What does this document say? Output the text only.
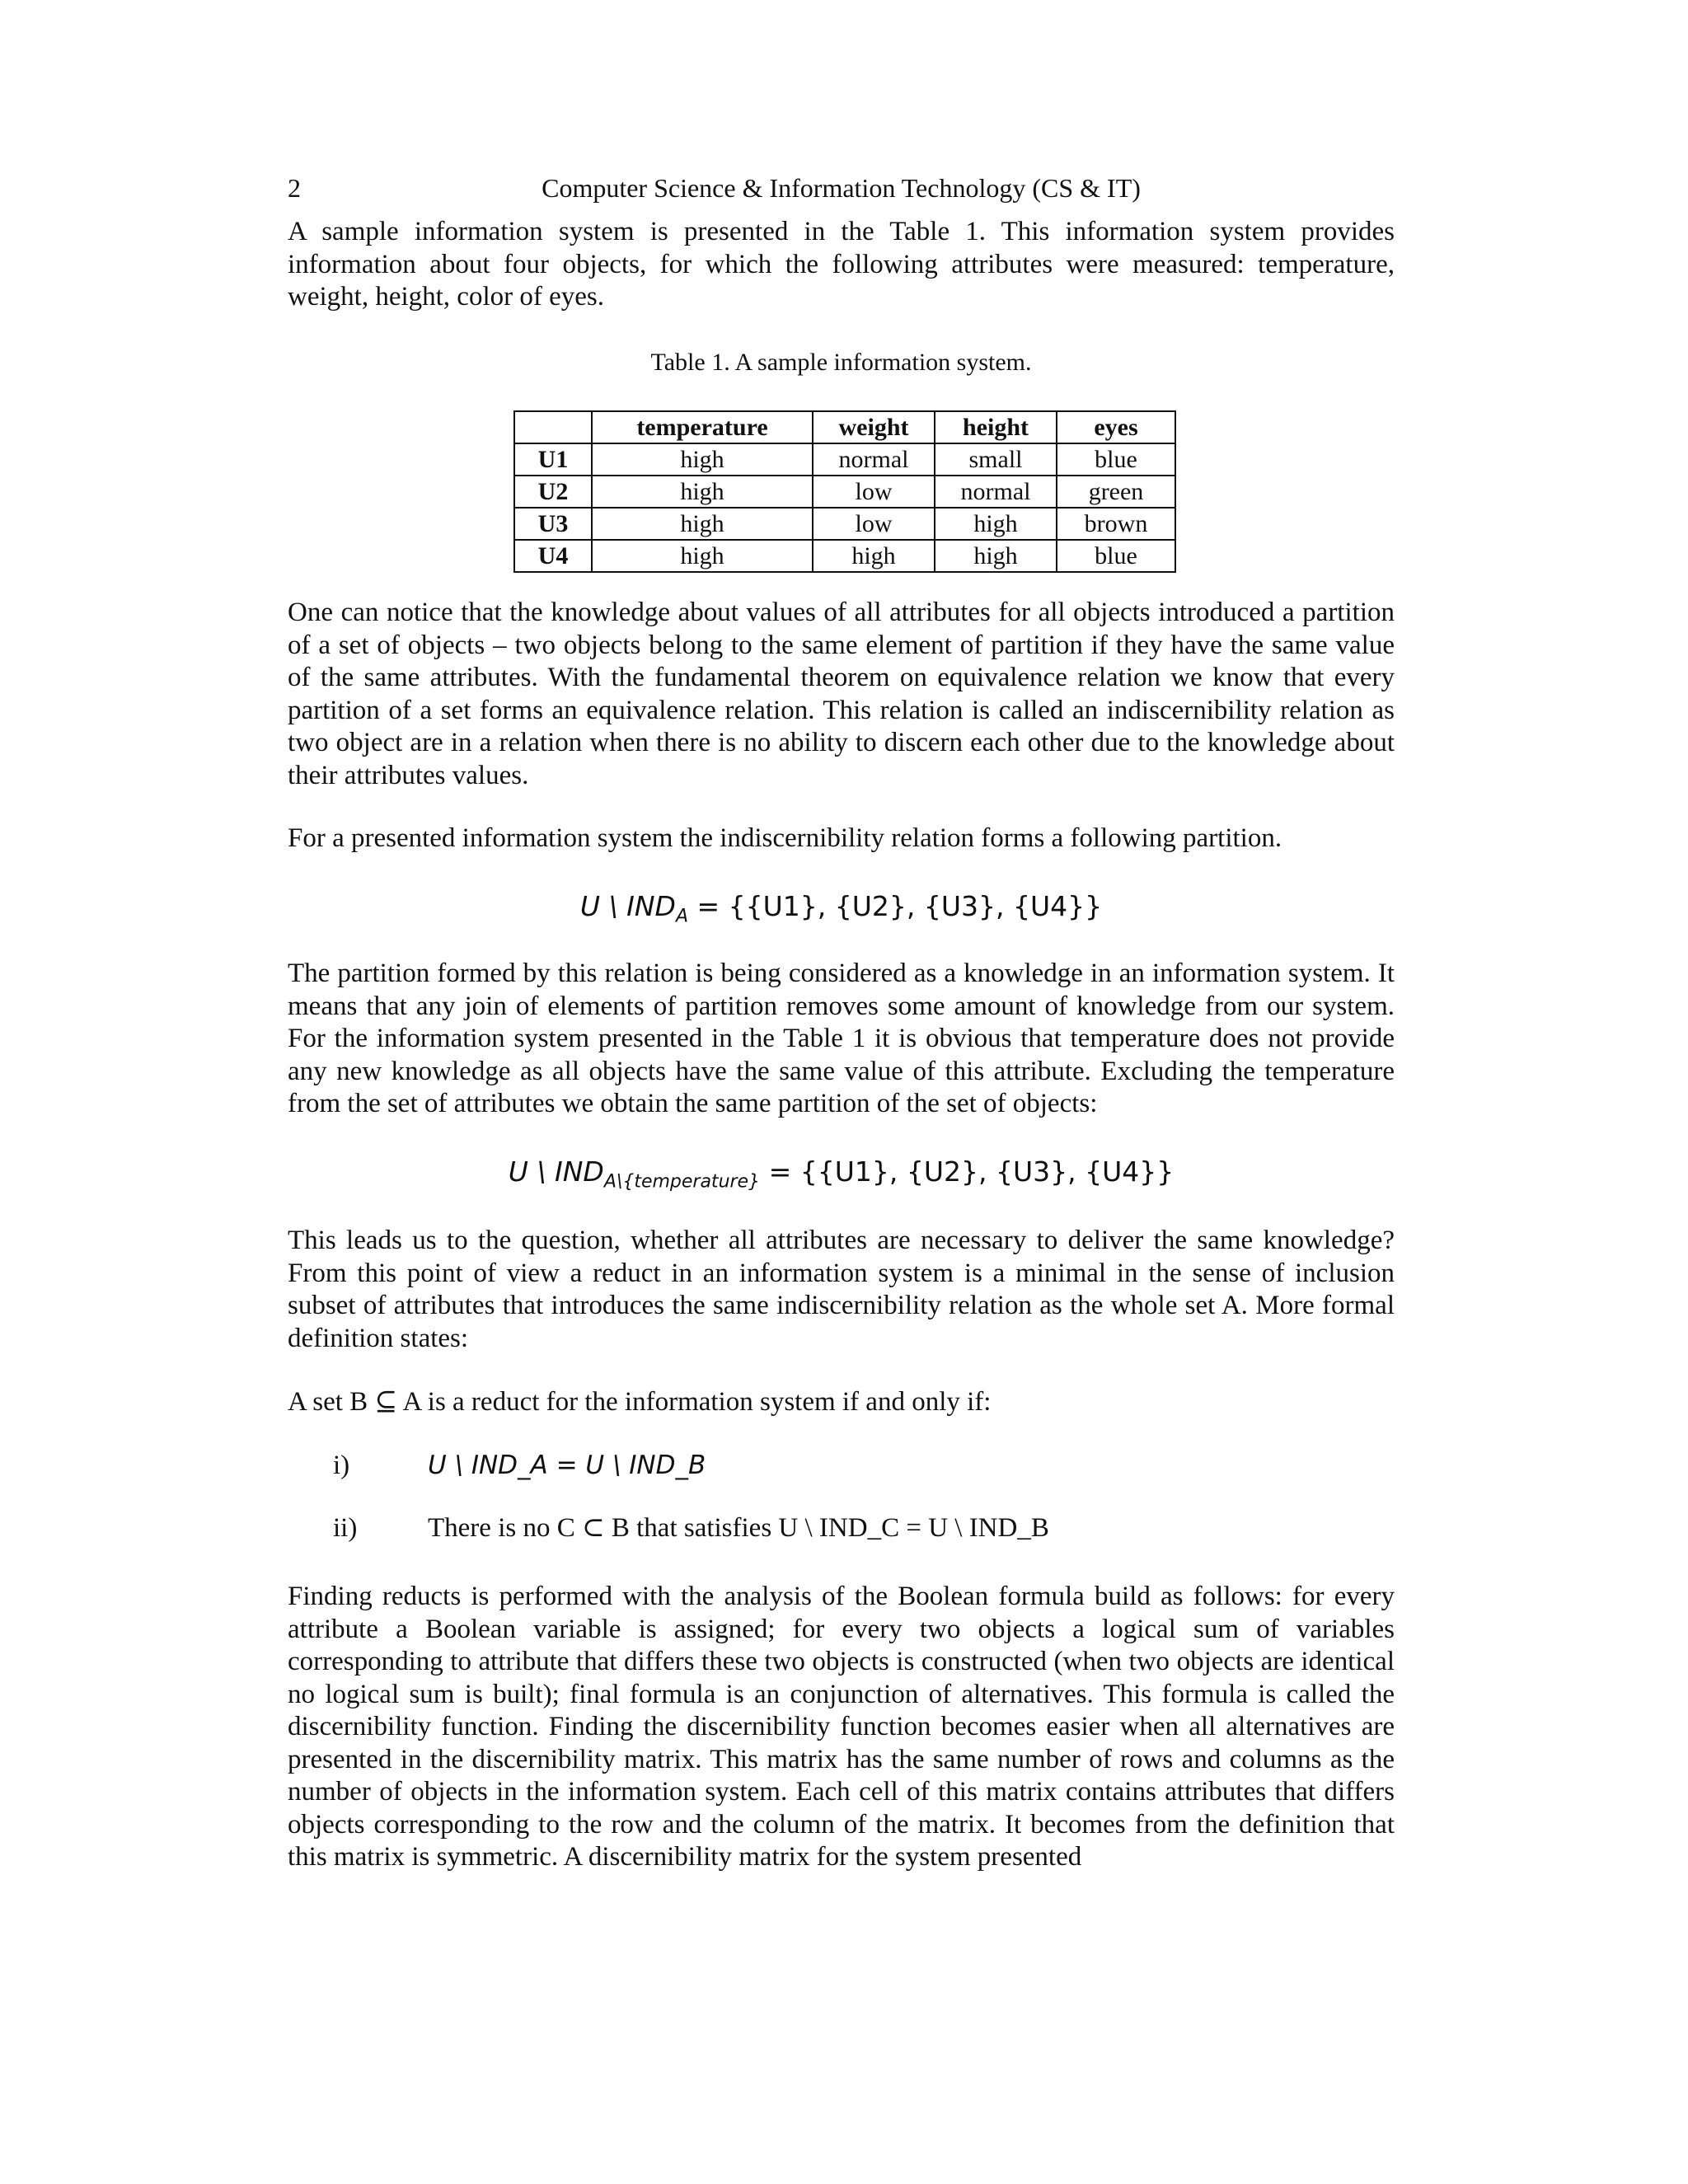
2	Computer Science & Information Technology (CS & IT)

A sample information system is presented in the Table 1. This information system provides information about four objects, for which the following attributes were measured: temperature, weight, height, color of eyes.

Table 1. A sample information system.
	temperature	weight	height	eyes
U1	high	normal	small	blue
U2	high	low	normal	green
U3	high	low	high	brown
U4	high	high	high	blue

One can notice that the knowledge about values of all attributes for all objects introduced a partition of a set of objects – two objects belong to the same element of partition if they have the same value of the same attributes. With the fundamental theorem on equivalence relation we know that every partition of a set forms an equivalence relation. This relation is called an indiscernibility relation as two object are in a relation when there is no ability to discern each other due to the knowledge about their attributes values.

For a presented information system the indiscernibility relation forms a following partition.

U \ $IND_A = \{\{U1\}$, {U2}, {U3}, {U4}}

The partition formed by this relation is being considered as a knowledge in an information system. It means that any join of elements of partition removes some amount of knowledge from our system. For the information system presented in the Table 1 it is obvious that temperature does not provide any new knowledge as all objects have the same value of this attribute. Excluding the temperature from the set of attributes we obtain the same partition of the set of objects:

U \ $IND_{A\backslash\{temperature\}} = \{\{U1\}$, {U2}, {U3}, {U4}}

This leads us to the question, whether all attributes are necessary to deliver the same knowledge? From this point of view a reduct in an information system is a minimal in the sense of inclusion subset of attributes that introduces the same indiscernibility relation as the whole set A. More formal definition states:

A set B ⊆ A is a reduct for the information system if and only if:

i)	U \ IND_A = U \ IND_B
ii)	There is no C ⊂ B that satisfies U \ IND_C = U \ IND_B

Finding reducts is performed with the analysis of the Boolean formula build as follows: for every attribute a Boolean variable is assigned; for every two objects a logical sum of variables corresponding to attribute that differs these two objects is constructed (when two objects are identical no logical sum is built); final formula is an conjunction of alternatives. This formula is called the discernibility function. Finding the discernibility function becomes easier when all alternatives are presented in the discernibility matrix. This matrix has the same number of rows and columns as the number of objects in the information system. Each cell of this matrix contains attributes that differs objects corresponding to the row and the column of the matrix. It becomes from the definition that this matrix is symmetric. A discernibility matrix for the system presented
